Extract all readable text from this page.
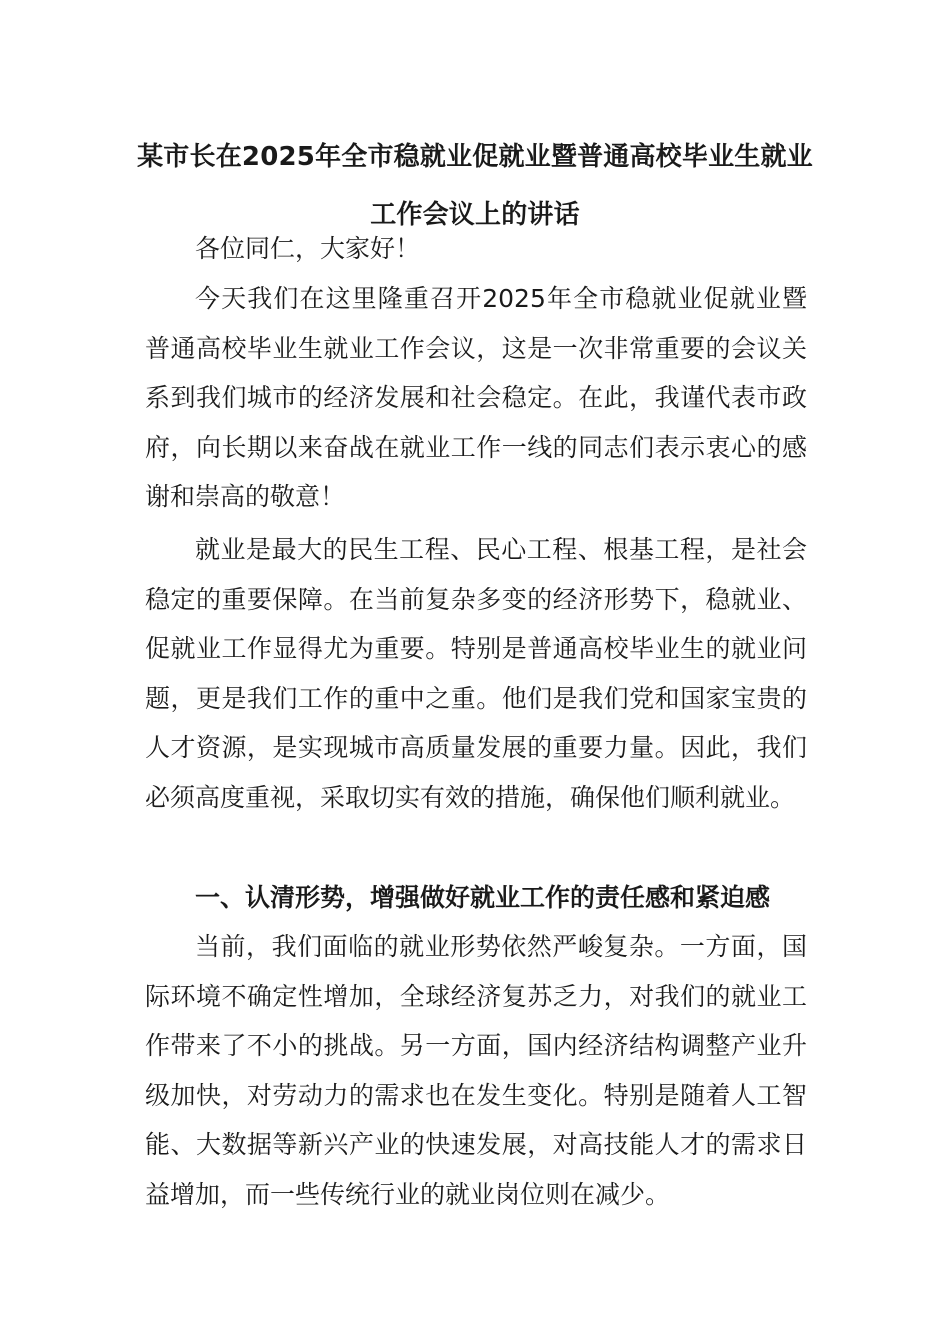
某市长在2025年全市稳就业促就业暨普通高校毕业生就业工作会议上的讲话

各位同仁，大家好！

今天我们在这里隆重召开2025年全市稳就业促就业暨普通高校毕业生就业工作会议，这是一次非常重要的会议关系到我们城市的经济发展和社会稳定。在此，我谨代表市政府，向长期以来奋战在就业工作一线的同志们表示衷心的感谢和崇高的敬意！

就业是最大的民生工程、民心工程、根基工程，是社会稳定的重要保障。在当前复杂多变的经济形势下，稳就业、促就业工作显得尤为重要。特别是普通高校毕业生的就业问题，更是我们工作的重中之重。他们是我们党和国家宝贵的人才资源，是实现城市高质量发展的重要力量。因此，我们必须高度重视，采取切实有效的措施，确保他们顺利就业。

一、认清形势，增强做好就业工作的责任感和紧迫感

当前，我们面临的就业形势依然严峻复杂。一方面，国际环境不确定性增加，全球经济复苏乏力，对我们的就业工作带来了不小的挑战。另一方面，国内经济结构调整产业升级加快，对劳动力的需求也在发生变化。特别是随着人工智能、大数据等新兴产业的快速发展，对高技能人才的需求日益增加，而一些传统行业的就业岗位则在减少。
